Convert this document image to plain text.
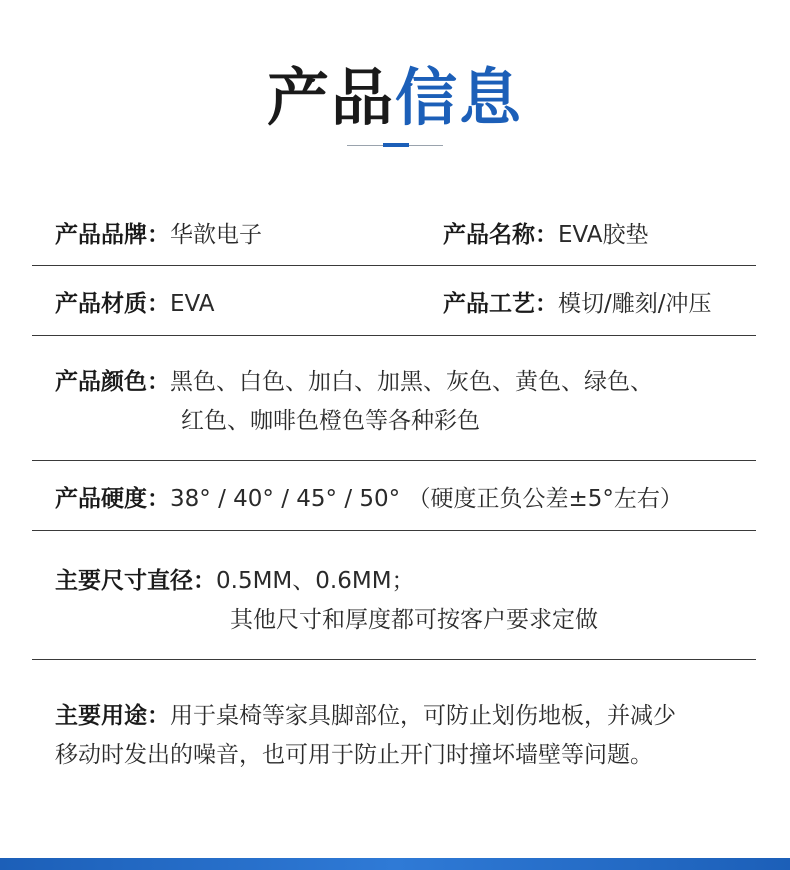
产品信息
产品品牌：华歆电子	产品名称：EVA胶垫
产品材质：EVA	产品工艺：模切/雕刻/冲压
产品颜色：黑色、白色、加白、加黑、灰色、黄色、绿色、
红色、咖啡色橙色等各种彩色
产品硬度：38° / 40° / 45° / 50° （硬度正负公差±5°左右）
主要尺寸直径：0.5MM、0.6MM；
其他尺寸和厚度都可按客户要求定做
主要用途：用于桌椅等家具脚部位，可防止划伤地板，并减少
移动时发出的噪音，也可用于防止开门时撞坏墙壁等问题。
